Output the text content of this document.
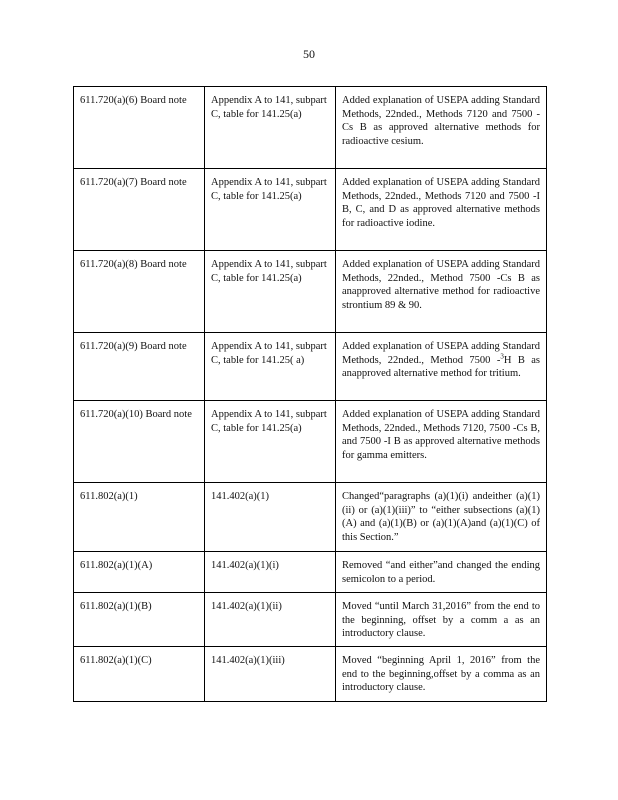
50
611.720(a)(6) Board note	Appendix A to 141, subpart C, table for 141.25(a)	Added explanation of USEPA adding Standard Methods, 22nded., Methods 7120 and 7500 -Cs B as approved alternative methods for radioactive cesium.
611.720(a)(7) Board note	Appendix A to 141, subpart C, table for 141.25(a)	Added explanation of USEPA adding Standard Methods, 22nded., Methods 7120 and 7500 -I B, C, and D as approved alternative methods for radioactive iodine.
611.720(a)(8) Board note	Appendix A to 141, subpart C, table for 141.25(a)	Added explanation of USEPA adding Standard Methods, 22nded., Method 7500 -Cs B as anapproved alternative method for radioactive strontium 89 & 90.
611.720(a)(9) Board note	Appendix A to 141, subpart C, table for 141.25( a)	Added explanation of USEPA adding Standard Methods, 22nded., Method 7500 -$^3$H B as anapproved alternative method for tritium.
611.720(a)(10) Board note	Appendix A to 141, subpart C, table for 141.25(a)	Added explanation of USEPA adding Standard Methods, 22nded., Methods 7120, 7500 -Cs B, and 7500 -I B as approved alternative methods for gamma emitters.
611.802(a)(1)	141.402(a)(1)	Changed“paragraphs (a)(1)(i) andeither (a)(1)(ii) or (a)(1)(iii)” to “either subsections (a)(1)(A) and (a)(1)(B) or (a)(1)(A)and (a)(1)(C) of this Section.”
611.802(a)(1)(A)	141.402(a)(1)(i)	Removed “and either”and changed the ending semicolon to a period.
611.802(a)(1)(B)	141.402(a)(1)(ii)	Moved “until March 31,2016” from the end to the beginning, offset by a comm a as an introductory clause.
611.802(a)(1)(C)	141.402(a)(1)(iii)	Moved “beginning April 1, 2016” from the end to the beginning,offset by a comma as an introductory clause.
